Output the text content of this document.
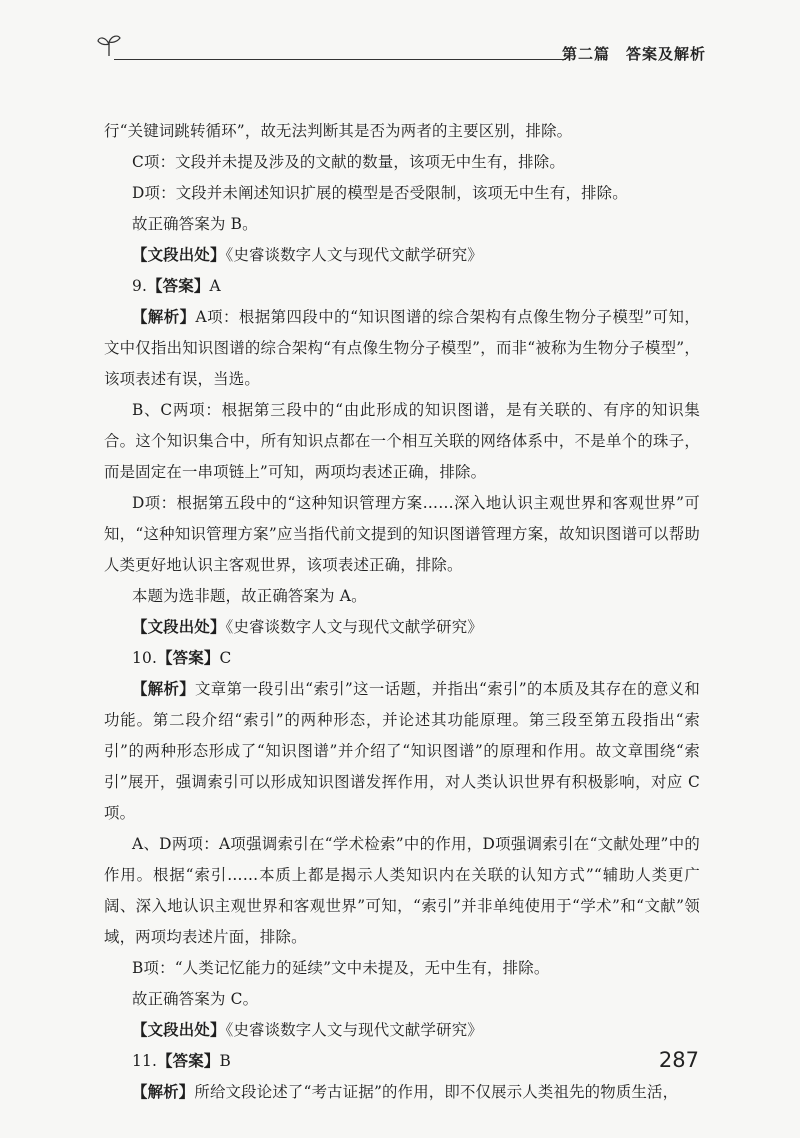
第二篇　答案及解析

行“关键词跳转循环”，故无法判断其是否为两者的主要区别，排除。

C项：文段并未提及涉及的文献的数量，该项无中生有，排除。

D项：文段并未阐述知识扩展的模型是否受限制，该项无中生有，排除。

故正确答案为 B。

【文段出处】《史睿谈数字人文与现代文献学研究》

9.【答案】A

【解析】A项：根据第四段中的“知识图谱的综合架构有点像生物分子模型”可知，文中仅指出知识图谱的综合架构“有点像生物分子模型”，而非“被称为生物分子模型”，该项表述有误，当选。

B、C两项：根据第三段中的“由此形成的知识图谱，是有关联的、有序的知识集合。这个知识集合中，所有知识点都在一个相互关联的网络体系中，不是单个的珠子，而是固定在一串项链上”可知，两项均表述正确，排除。

D项：根据第五段中的“这种知识管理方案……深入地认识主观世界和客观世界”可知，“这种知识管理方案”应当指代前文提到的知识图谱管理方案，故知识图谱可以帮助人类更好地认识主客观世界，该项表述正确，排除。

本题为选非题，故正确答案为 A。

【文段出处】《史睿谈数字人文与现代文献学研究》

10.【答案】C

【解析】文章第一段引出“索引”这一话题，并指出“索引”的本质及其存在的意义和功能。第二段介绍“索引”的两种形态，并论述其功能原理。第三段至第五段指出“索引”的两种形态形成了“知识图谱”并介绍了“知识图谱”的原理和作用。故文章围绕“索引”展开，强调索引可以形成知识图谱发挥作用，对人类认识世界有积极影响，对应 C项。

A、D两项：A项强调索引在“学术检索”中的作用，D项强调索引在“文献处理”中的作用。根据“索引……本质上都是揭示人类知识内在关联的认知方式”“辅助人类更广阔、深入地认识主观世界和客观世界”可知，“索引”并非单纯使用于“学术”和“文献”领域，两项均表述片面，排除。

B项：“人类记忆能力的延续”文中未提及，无中生有，排除。

故正确答案为 C。

【文段出处】《史睿谈数字人文与现代文献学研究》

11.【答案】B

【解析】所给文段论述了“考古证据”的作用，即不仅展示人类祖先的物质生活，

287
